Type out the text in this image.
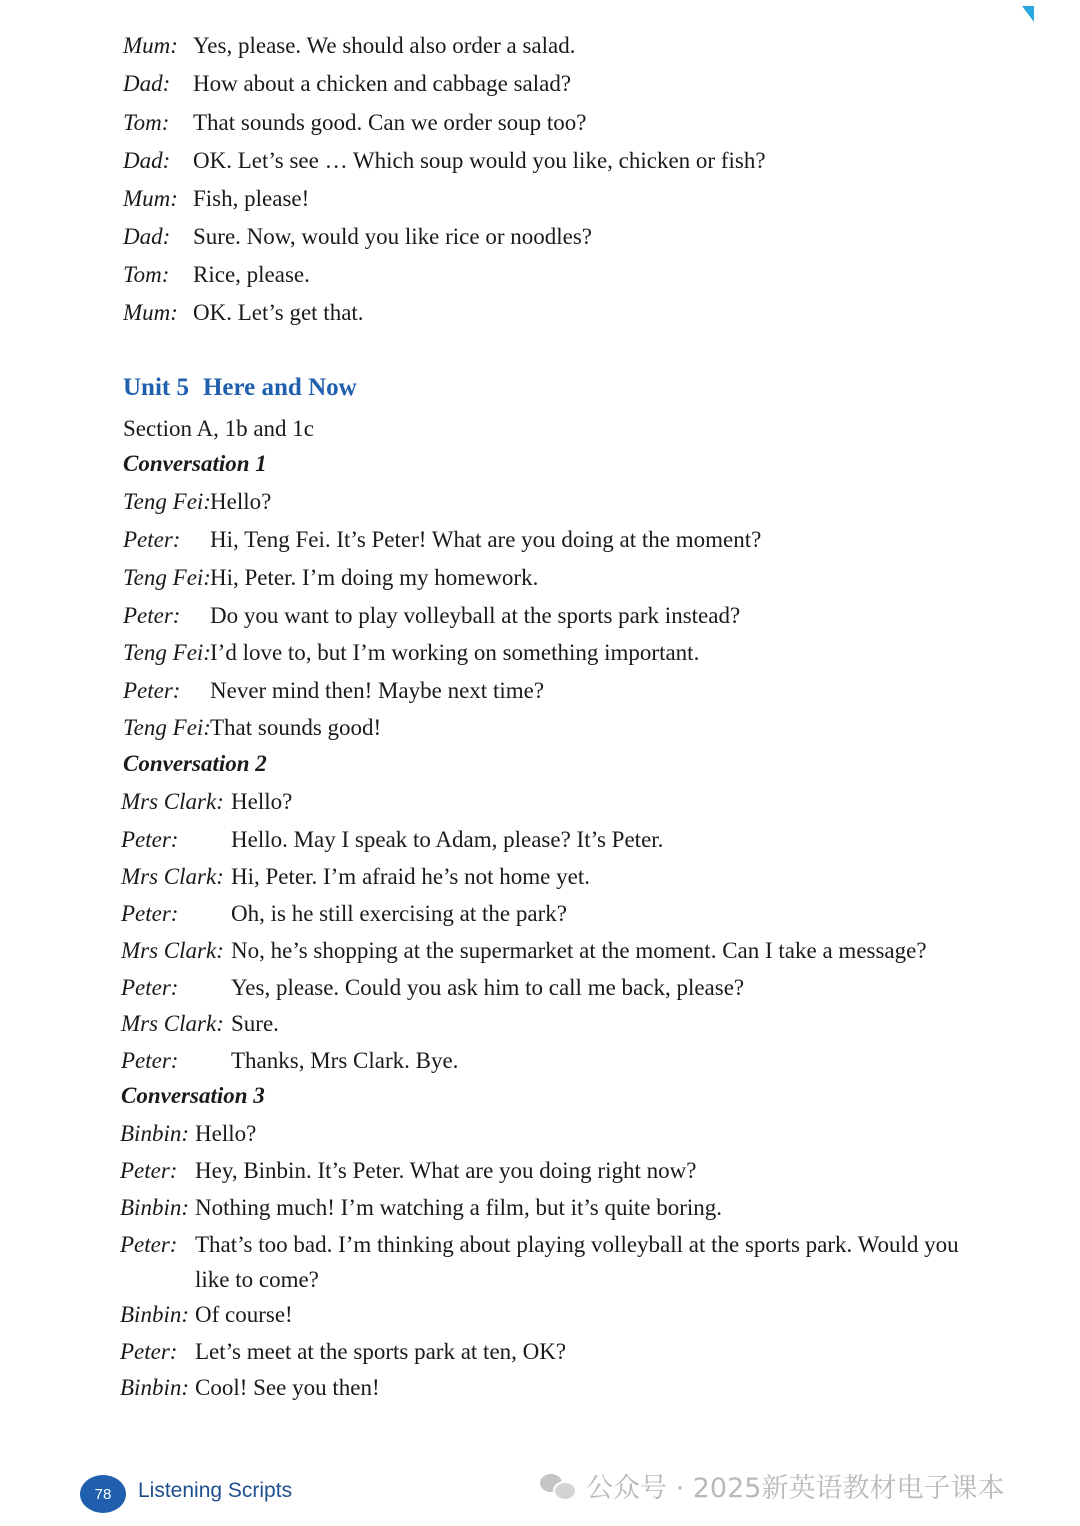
Mum: Yes, please. We should also order a salad.
Dad: How about a chicken and cabbage salad?
Tom: That sounds good. Can we order soup too?
Dad: OK. Let’s see … Which soup would you like, chicken or fish?
Mum: Fish, please!
Dad: Sure. Now, would you like rice or noodles?
Tom: Rice, please.
Mum: OK. Let’s get that.
Unit 5 Here and Now
Section A, 1b and 1c
Conversation 1
Teng Fei: Hello?
Peter: Hi, Teng Fei. It’s Peter! What are you doing at the moment?
Teng Fei: Hi, Peter. I’m doing my homework.
Peter: Do you want to play volleyball at the sports park instead?
Teng Fei: I’d love to, but I’m working on something important.
Peter: Never mind then! Maybe next time?
Teng Fei: That sounds good!
Conversation 2
Mrs Clark: Hello?
Peter: Hello. May I speak to Adam, please? It’s Peter.
Mrs Clark: Hi, Peter. I’m afraid he’s not home yet.
Peter: Oh, is he still exercising at the park?
Mrs Clark: No, he’s shopping at the supermarket at the moment. Can I take a message?
Peter: Yes, please. Could you ask him to call me back, please?
Mrs Clark: Sure.
Peter: Thanks, Mrs Clark. Bye.
Conversation 3
Binbin: Hello?
Peter: Hey, Binbin. It’s Peter. What are you doing right now?
Binbin: Nothing much! I’m watching a film, but it’s quite boring.
Peter: That’s too bad. I’m thinking about playing volleyball at the sports park. Would you
like to come?
Binbin: Of course!
Peter: Let’s meet at the sports park at ten, OK?
Binbin: Cool! See you then!
78	Listening Scripts	公众号 · 2025新英语教材电子课本
